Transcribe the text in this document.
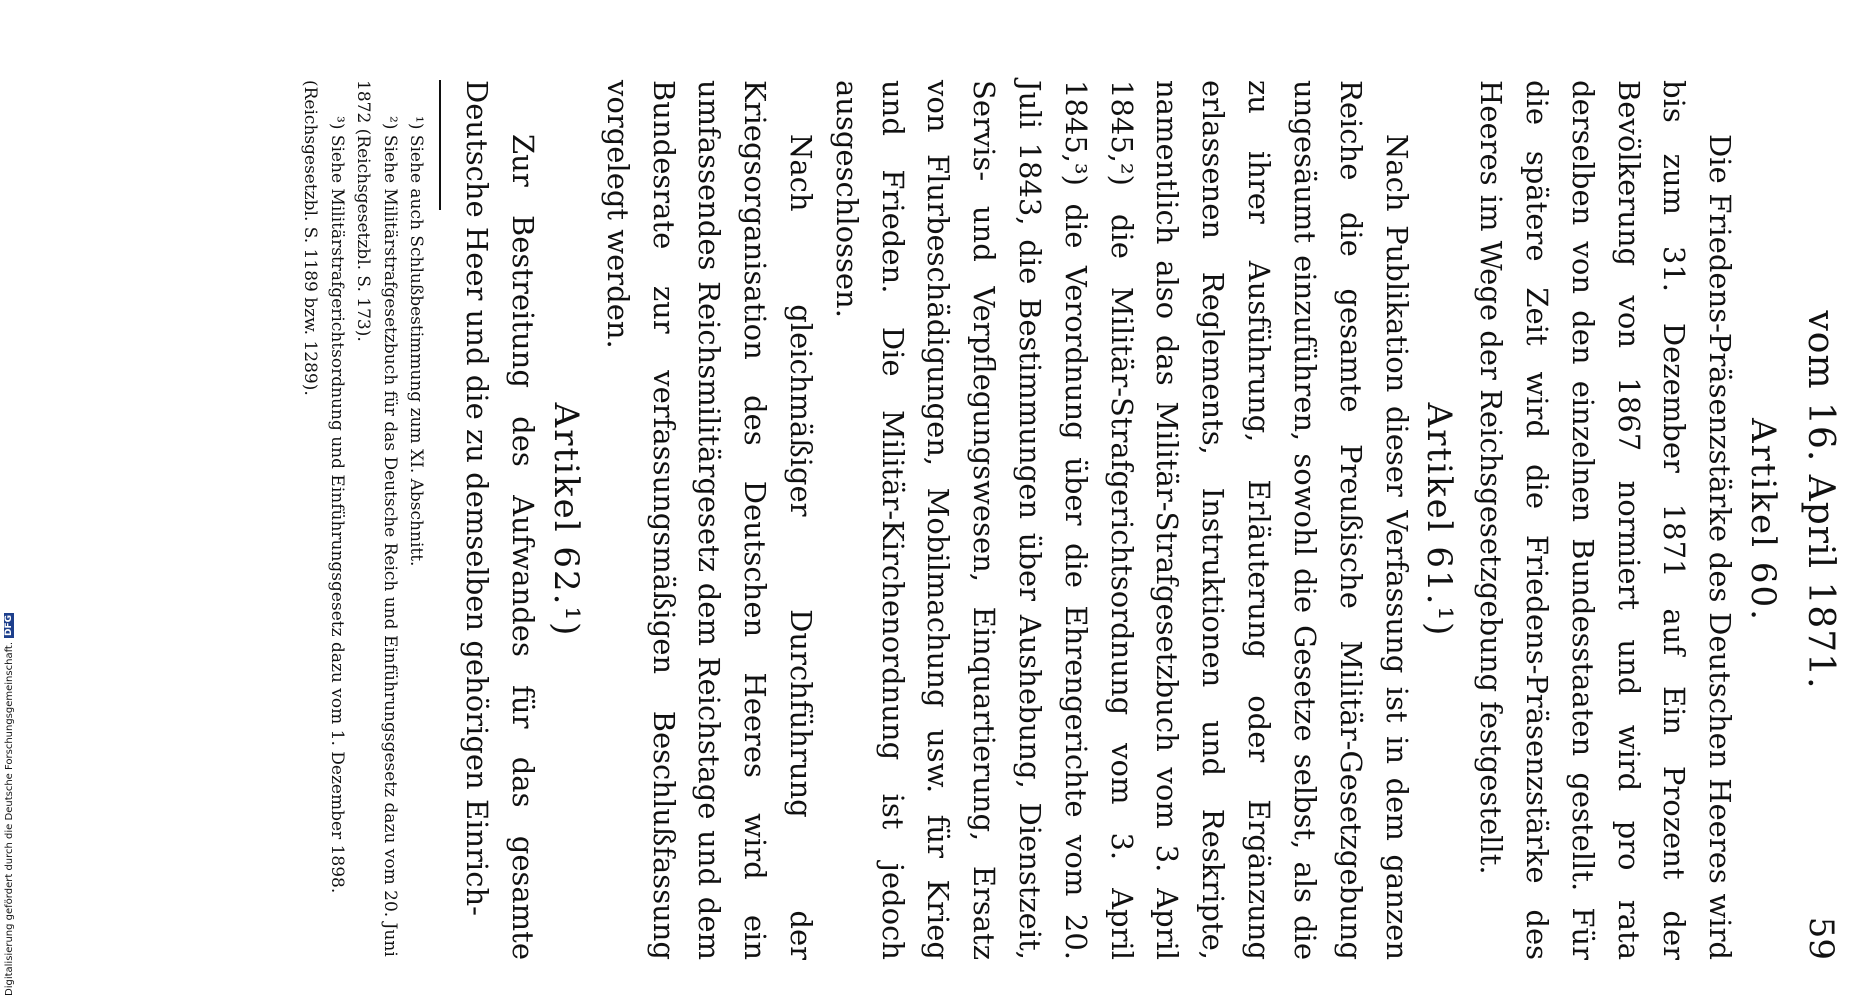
Digitalisierung gefördert durch die Deutsche Forschungsgemeinschaft.DFG	vom 16. April 1871.
59

Artikel 60.

Die Friedens-Präsenzstärke des Deutschen Heeres wird bis zum 31. Dezember 1871 auf Ein Prozent der Bevölkerung von 1867 normiert und wird pro rata derselben von den einzelnen Bundesstaaten gestellt. Für die spätere Zeit wird die Friedens-Präsenzstärke des Heeres im Wege der Reichsgesetzgebung festgestellt.

Artikel 61.¹)

Nach Publikation dieser Verfassung ist in dem ganzen Reiche die gesamte Preußische Militär-Gesetzgebung ungesäumt einzuführen, sowohl die Gesetze selbst, als die zu ihrer Ausführung, Erläuterung oder Ergänzung erlassenen Reglements, Instruktionen und Reskripte, namentlich also das Militär-Strafgesetzbuch vom 3. April 1845,²) die Militär-Strafgerichtsordnung vom 3. April 1845,³) die Verordnung über die Ehrengerichte vom 20. Juli 1843, die Bestimmungen über Aushebung, Dienstzeit, Servis- und Verpflegungswesen, Einquartierung, Ersatz von Flurbeschädigungen, Mobilmachung usw. für Krieg und Frieden. Die Militär-Kirchenordnung ist jedoch ausgeschlossen.

Nach gleichmäßiger Durchführung der Kriegsorganisation des Deutschen Heeres wird ein umfassendes Reichsmilitärgesetz dem Reichstage und dem Bundesrate zur verfassungsmäßigen Beschlußfassung vorgelegt werden.

Artikel 62.¹)

Zur Bestreitung des Aufwandes für das gesamte Deutsche Heer und die zu demselben gehörigen Einrich-

¹) Siehe auch Schlußbestimmung zum XI. Abschnitt.

²) Siehe Militärstrafgesetzbuch für das Deutsche Reich und Einführungsgesetz dazu vom 20. Juni 1872 (Reichsgesetzbl. S. 173).

³) Siehe Militärstrafgerichtsordnung und Einführungsgesetz dazu vom 1. Dezember 1898. (Reichsgesetzbl. S. 1189 bzw. 1289).
